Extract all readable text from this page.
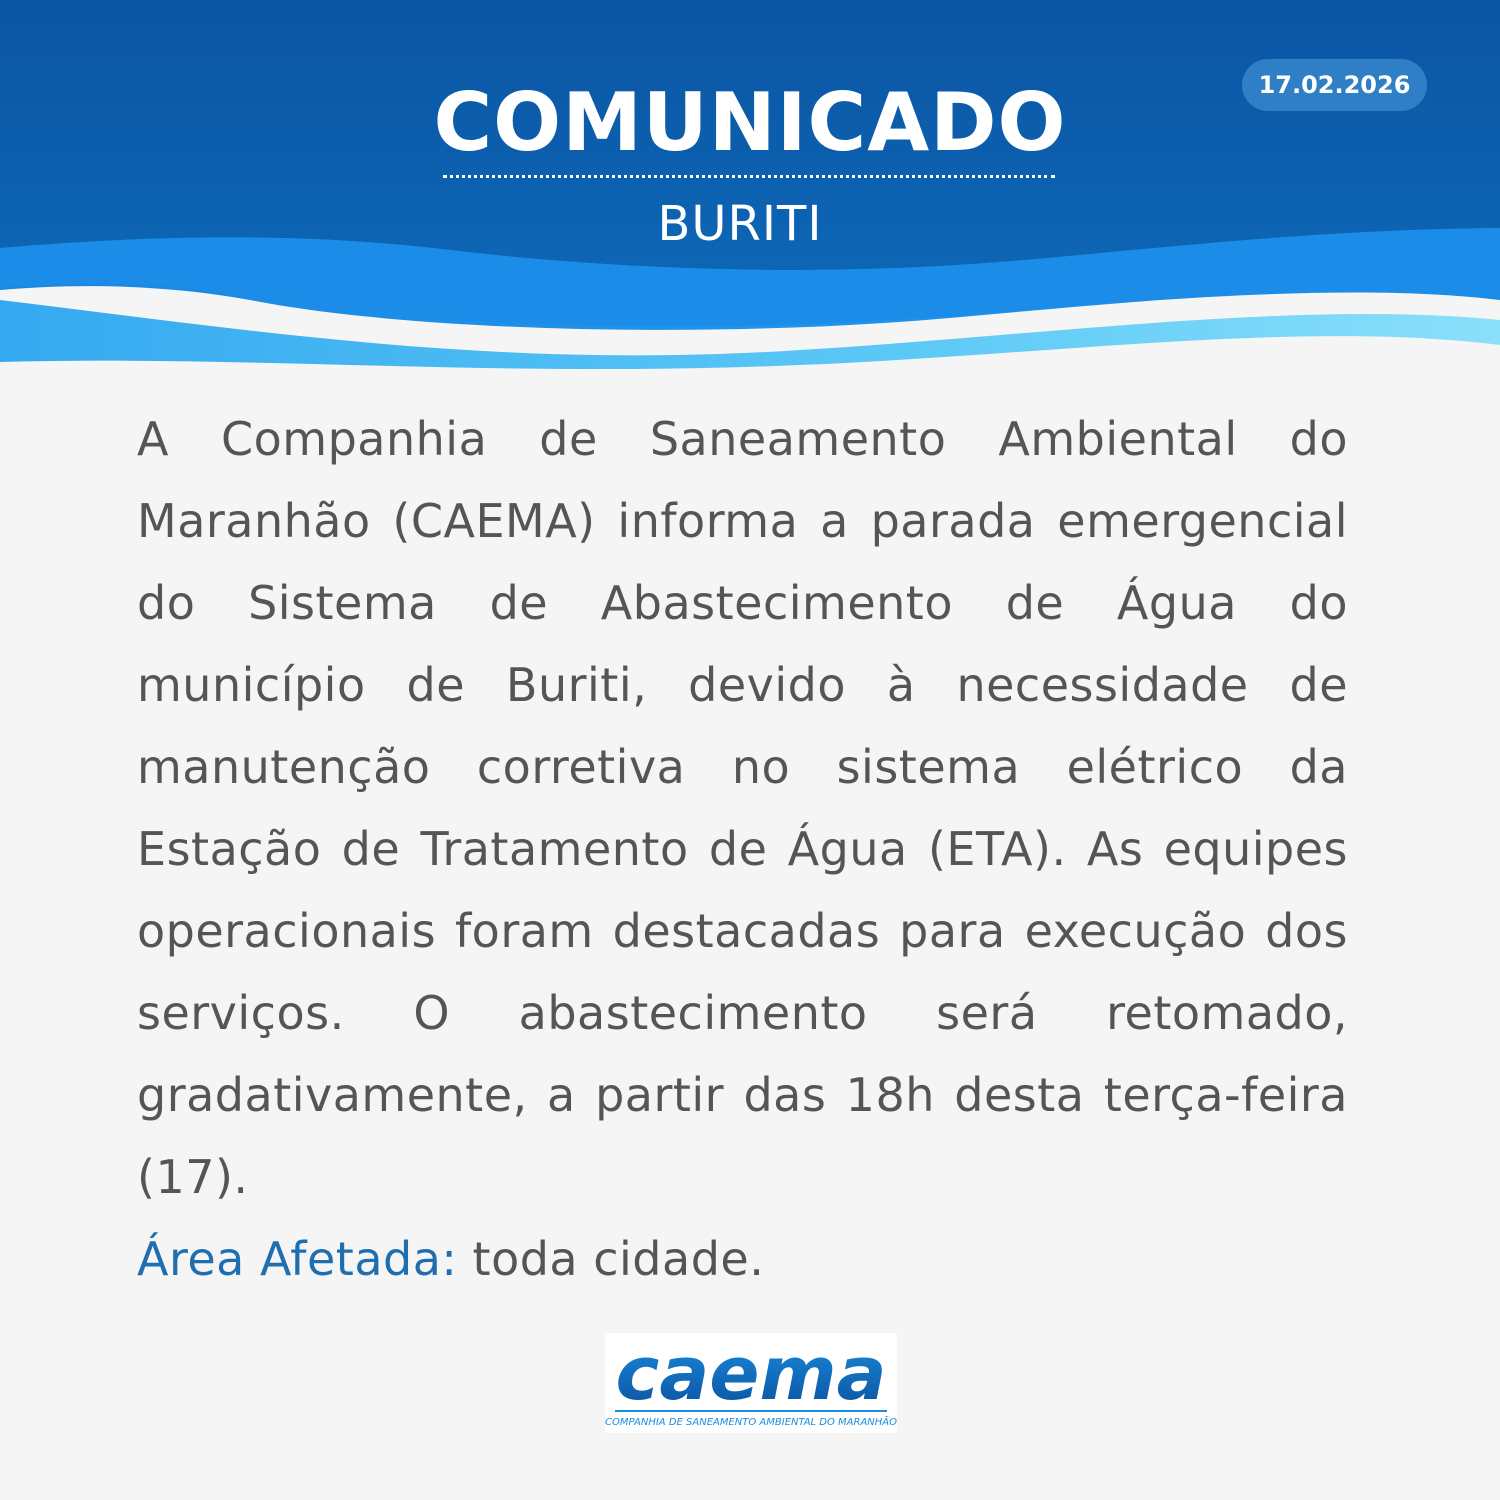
COMUNICADO
BURITI
17.02.2026
A Companhia de Saneamento Ambiental do Maranhão (CAEMA) informa a parada emergencial do Sistema de Abastecimento de Água do município de Buriti, devido à necessidade de manutenção corretiva no sistema elétrico da Estação de Tratamento de Água (ETA). As equipes operacionais foram destacadas para execução dos serviços. O abastecimento será retomado, gradativamente, a partir das 18h desta terça-feira (17).
Área Afetada: toda cidade.
caema
COMPANHIA DE SANEAMENTO AMBIENTAL DO MARANHÃO
